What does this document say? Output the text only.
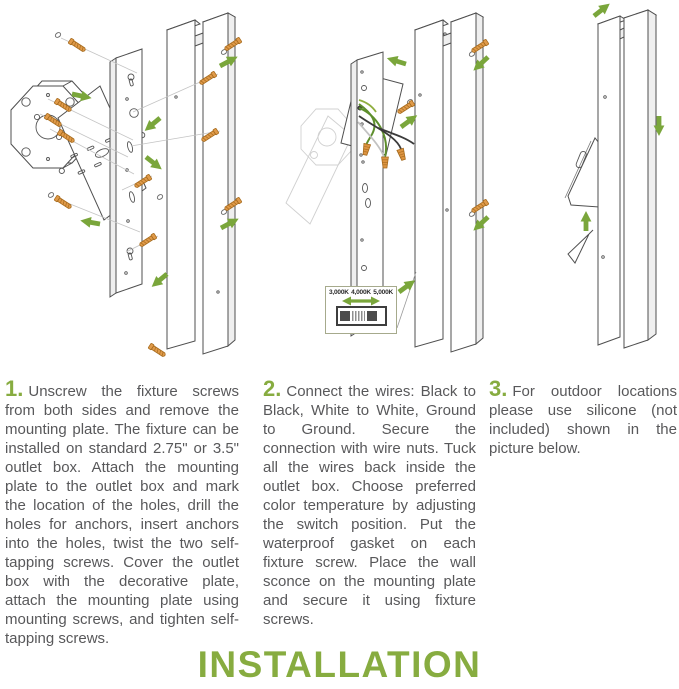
3,000K 4,000K 5,000K

1. Unscrew the fixture screws from both sides and remove the mounting plate. The fixture can be installed on standard 2.75" or 3.5" outlet box. Attach the mounting plate to the outlet box and mark the location of the holes, drill the holes for anchors, insert anchors into the holes, twist the two self-tapping screws. Cover the outlet box with the decorative plate, attach the mounting plate using mounting screws, and tighten self-tapping screws.

2. Connect the wires: Black to Black, White to White, Ground to Ground. Secure the connection with wire nuts. Tuck all the wires back inside the outlet box. Choose preferred color temperature by adjusting the switch position. Put the waterproof gasket on each fixture screw. Place the wall sconce on the mounting plate and secure it using fixture screws.

3. For outdoor locations please use silicone (not included) shown in the picture below.

INSTALLATION
